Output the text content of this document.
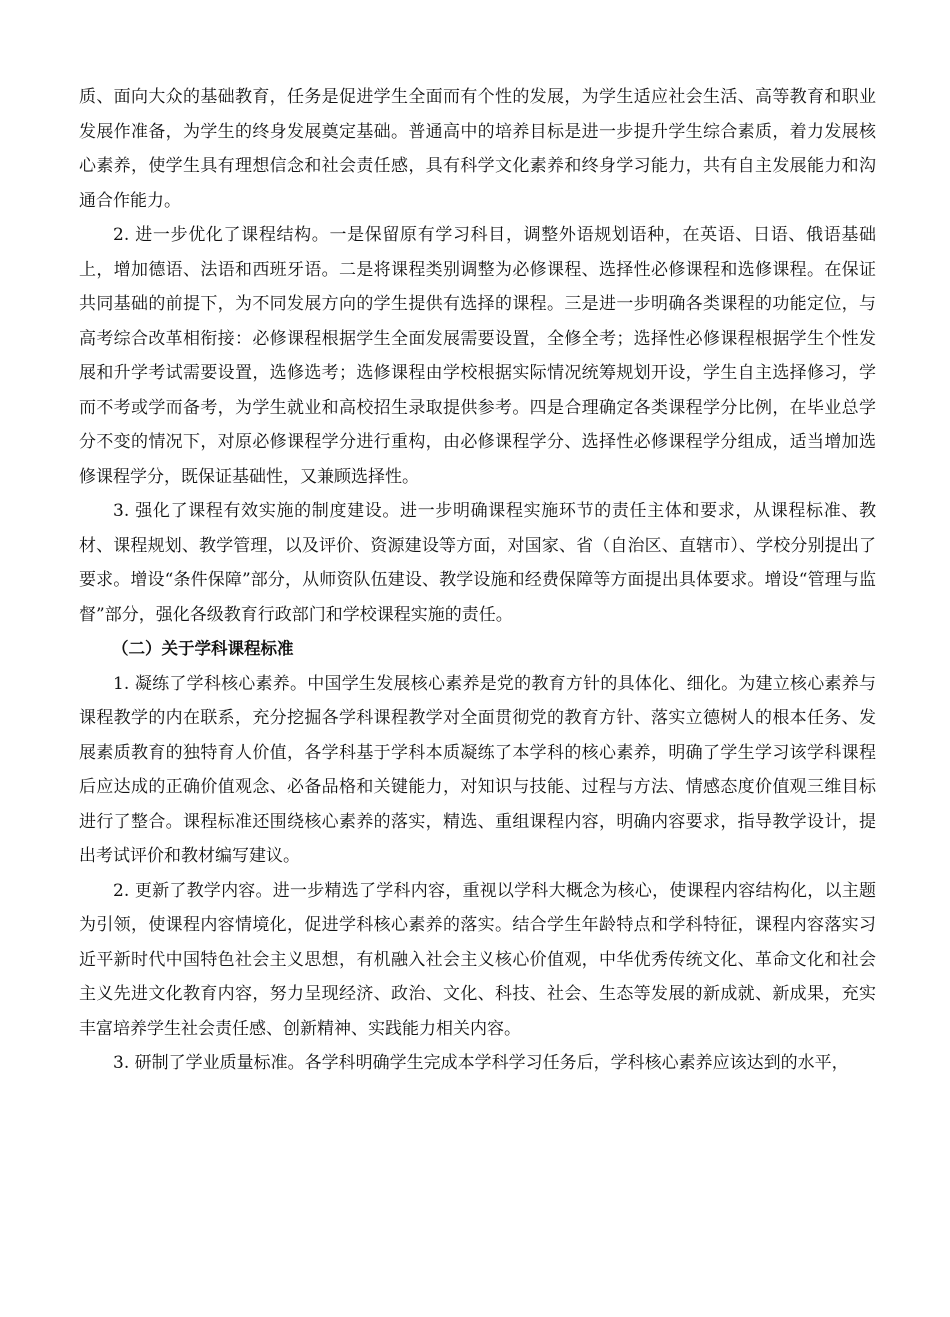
质、面向大众的基础教育，任务是促进学生全面而有个性的发展，为学生适应社会生活、高等教育和职业发展作准备，为学生的终身发展奠定基础。普通高中的培养目标是进一步提升学生综合素质，着力发展核心素养，使学生具有理想信念和社会责任感，具有科学文化素养和终身学习能力，共有自主发展能力和沟通合作能力。

2. 进一步优化了课程结构。一是保留原有学习科目，调整外语规划语种，在英语、日语、俄语基础上，增加德语、法语和西班牙语。二是将课程类别调整为必修课程、选择性必修课程和选修课程。在保证共同基础的前提下，为不同发展方向的学生提供有选择的课程。三是进一步明确各类课程的功能定位，与高考综合改革相衔接：必修课程根据学生全面发展需要设置，全修全考；选择性必修课程根据学生个性发展和升学考试需要设置，选修选考；选修课程由学校根据实际情况统筹规划开设，学生自主选择修习，学而不考或学而备考，为学生就业和高校招生录取提供参考。四是合理确定各类课程学分比例，在毕业总学分不变的情况下，对原必修课程学分进行重构，由必修课程学分、选择性必修课程学分组成，适当增加选修课程学分，既保证基础性，又兼顾选择性。

3. 强化了课程有效实施的制度建设。进一步明确课程实施环节的责任主体和要求，从课程标准、教材、课程规划、教学管理，以及评价、资源建设等方面，对国家、省（自治区、直辖市）、学校分别提出了要求。增设“条件保障”部分，从师资队伍建设、教学设施和经费保障等方面提出具体要求。增设“管理与监督”部分，强化各级教育行政部门和学校课程实施的责任。

（二）关于学科课程标准

1. 凝练了学科核心素养。中国学生发展核心素养是党的教育方针的具体化、细化。为建立核心素养与课程教学的内在联系，充分挖掘各学科课程教学对全面贯彻党的教育方针、落实立德树人的根本任务、发展素质教育的独特育人价值，各学科基于学科本质凝练了本学科的核心素养，明确了学生学习该学科课程后应达成的正确价值观念、必备品格和关键能力，对知识与技能、过程与方法、情感态度价值观三维目标进行了整合。课程标准还围绕核心素养的落实，精选、重组课程内容，明确内容要求，指导教学设计，提出考试评价和教材编写建议。

2. 更新了教学内容。进一步精选了学科内容，重视以学科大概念为核心，使课程内容结构化，以主题为引领，使课程内容情境化，促进学科核心素养的落实。结合学生年龄特点和学科特征，课程内容落实习近平新时代中国特色社会主义思想，有机融入社会主义核心价值观，中华优秀传统文化、革命文化和社会主义先进文化教育内容，努力呈现经济、政治、文化、科技、社会、生态等发展的新成就、新成果，充实丰富培养学生社会责任感、创新精神、实践能力相关内容。

3. 研制了学业质量标准。各学科明确学生完成本学科学习任务后，学科核心素养应该达到的水平，
